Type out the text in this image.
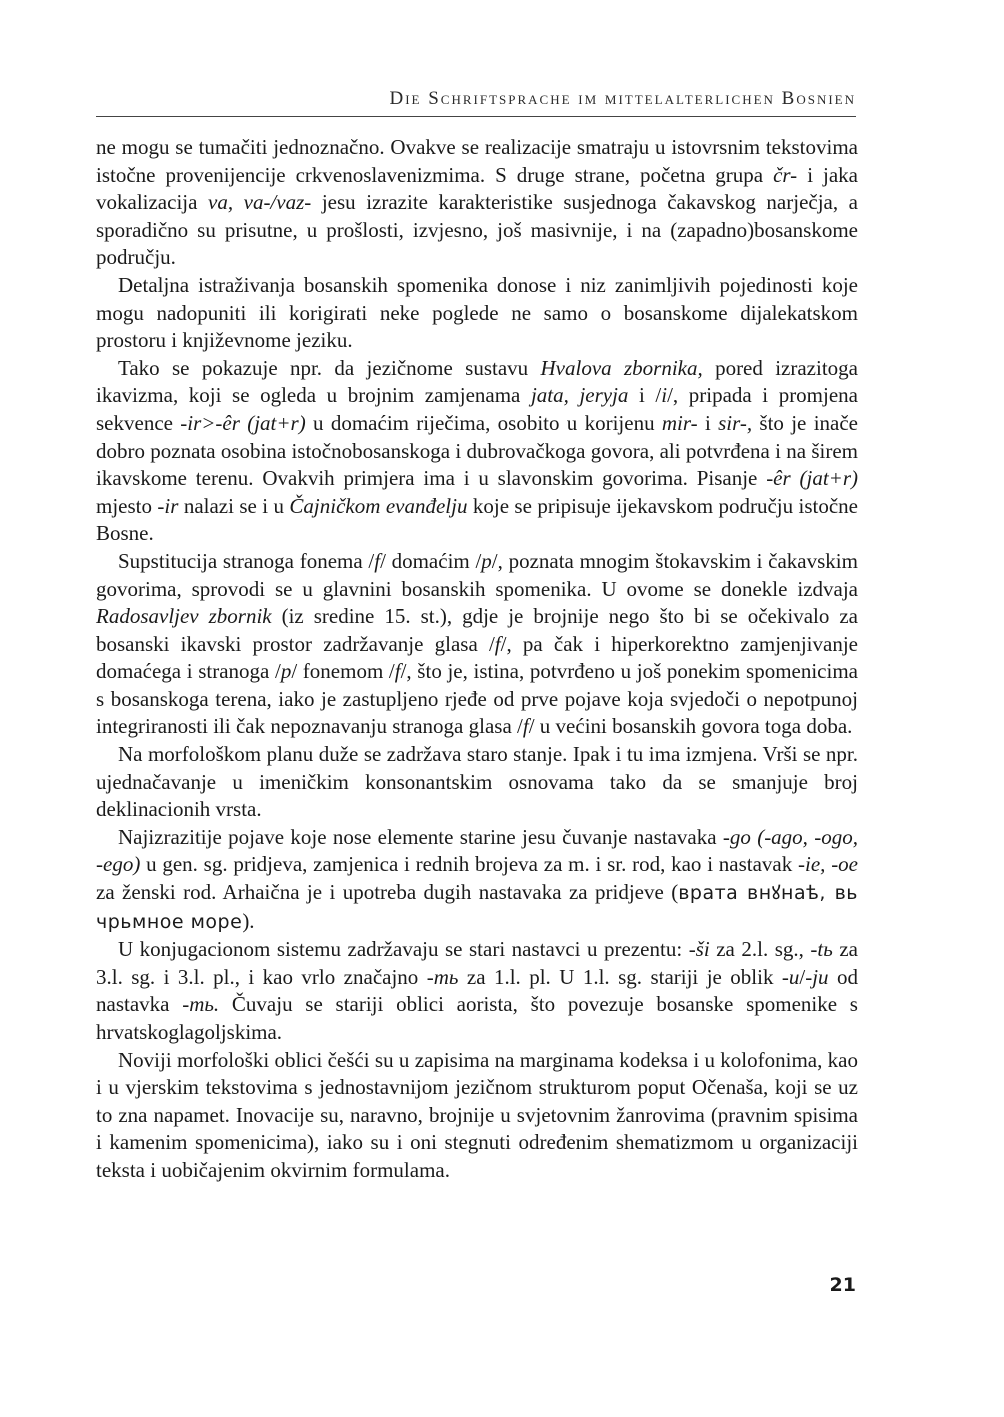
Die Schriftsprache im mittelalterlichen Bosnien

ne mogu se tumačiti jednoznačno. Ovakve se realizacije smatraju u istovrsnim tekstovima istočne provenijencije crkvenoslavenizmima. S druge strane, početna grupa čr- i jaka vokalizacija va, va-/vaz- jesu izrazite karakteristike susjednoga čakavskog narječja, a sporadično su prisutne, u prošlosti, izvjesno, još masivnije, i na (zapadno)bosanskome području.

Detaljna istraživanja bosanskih spomenika donose i niz zanimljivih pojedinosti koje mogu nadopuniti ili korigirati neke poglede ne samo o bosanskome dijalekatskom prostoru i književnome jeziku.

Tako se pokazuje npr. da jezičnome sustavu Hvalova zbornika, pored izrazitoga ikavizma, koji se ogleda u brojnim zamjenama jata, jeryja i /i/, pripada i promjena sekvence -ir>-êr (jat+r) u domaćim riječima, osobito u korijenu mir- i sir-, što je inače dobro poznata osobina istočnobosanskoga i dubrovačkoga govora, ali potvrđena i na širem ikavskome terenu. Ovakvih primjera ima i u slavonskim govorima. Pisanje -êr (jat+r) mjesto -ir nalazi se i u Čajničkom evanđelju koje se pripisuje ijekavskom području istočne Bosne.

Supstitucija stranoga fonema /f/ domaćim /p/, poznata mnogim štokavskim i čakavskim govorima, sprovodi se u glavnini bosanskih spomenika. U ovome se donekle izdvaja Radosavljev zbornik (iz sredine 15. st.), gdje je brojnije nego što bi se očekivalo za bosanski ikavski prostor zadržavanje glasa /f/, pa čak i hiperkorektno zamjenjivanje domaćega i stranoga /p/ fonemom /f/, što je, istina, potvrđeno u još ponekim spomenicima s bosanskoga terena, iako je zastupljeno rjeđe od prve pojave koja svjedoči o nepotpunoj integriranosti ili čak nepoznavanju stranoga glasa /f/ u većini bosanskih govora toga doba.

Na morfološkom planu duže se zadržava staro stanje. Ipak i tu ima izmjena. Vrši se npr. ujednačavanje u imeničkim konsonantskim osnovama tako da se smanjuje broj deklinacionih vrsta.

Najizrazitije pojave koje nose elemente starine jesu čuvanje nastavaka -go (-ago, -ogo, -ego) u gen. sg. pridjeva, zamjenica i rednih brojeva za m. i sr. rod, kao i nastavak -ie, -oe za ženski rod. Arhaična je i upotreba dugih nastavaka za pridjeve (врата внꙋнаѣ, вь чрьмное море).

U konjugacionom sistemu zadržavaju se stari nastavci u prezentu: -ši za 2.l. sg., -tь za 3.l. sg. i 3.l. pl., i kao vrlo značajno -mь za 1.l. pl. U 1.l. sg. stariji je oblik -u/-ju od nastavka -mь. Čuvaju se stariji oblici aorista, što povezuje bosanske spomenike s hrvatskoglagoljskima.

Noviji morfološki oblici češći su u zapisima na marginama kodeksa i u kolofonima, kao i u vjerskim tekstovima s jednostavnijom jezičnom strukturom poput Očenaša, koji se uz to zna napamet. Inovacije su, naravno, brojnije u svjetovnim žanrovima (pravnim spisima i kamenim spomenicima), iako su i oni stegnuti određenim shematizmom u organizaciji teksta i uobičajenim okvirnim formulama.

21
